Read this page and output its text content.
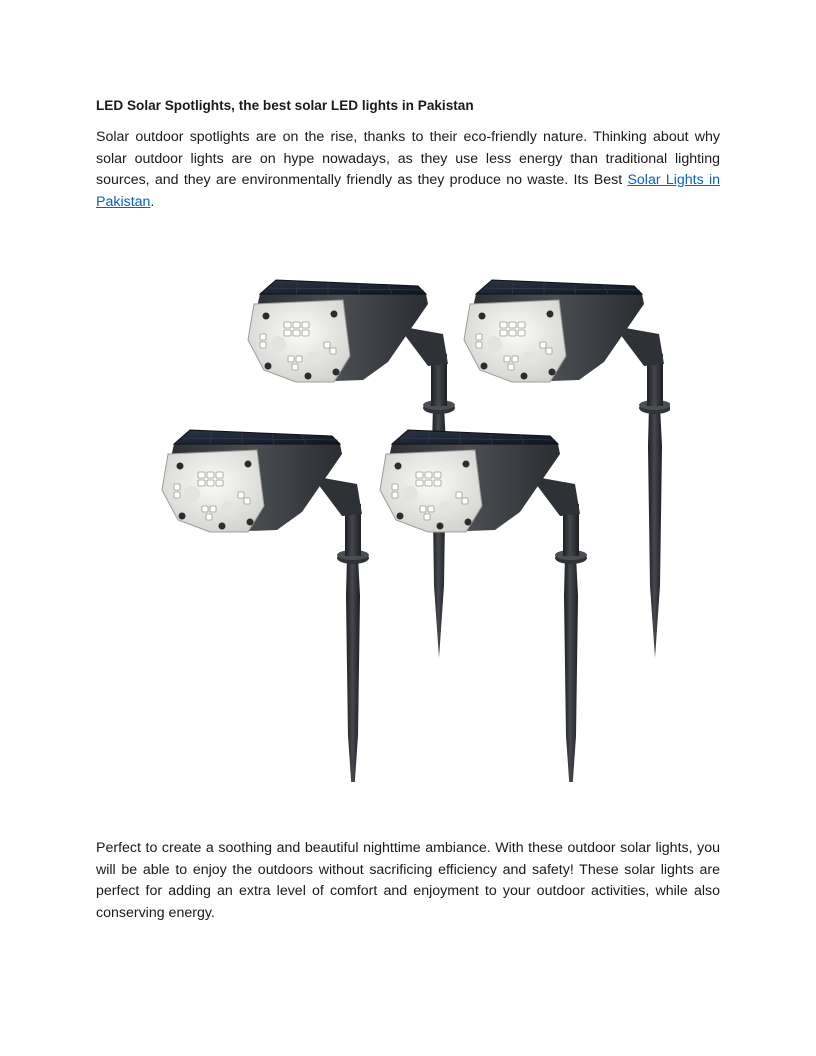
LED Solar Spotlights, the best solar LED lights in Pakistan

Solar outdoor spotlights are on the rise, thanks to their eco-friendly nature. Thinking about why solar outdoor lights are on hype nowadays, as they use less energy than traditional lighting sources, and they are environmentally friendly as they produce no waste. Its Best Solar Lights in Pakistan.

Perfect to create a soothing and beautiful nighttime ambiance. With these outdoor solar lights, you will be able to enjoy the outdoors without sacrificing efficiency and safety! These solar lights are perfect for adding an extra level of comfort and enjoyment to your outdoor activities, while also conserving energy.
